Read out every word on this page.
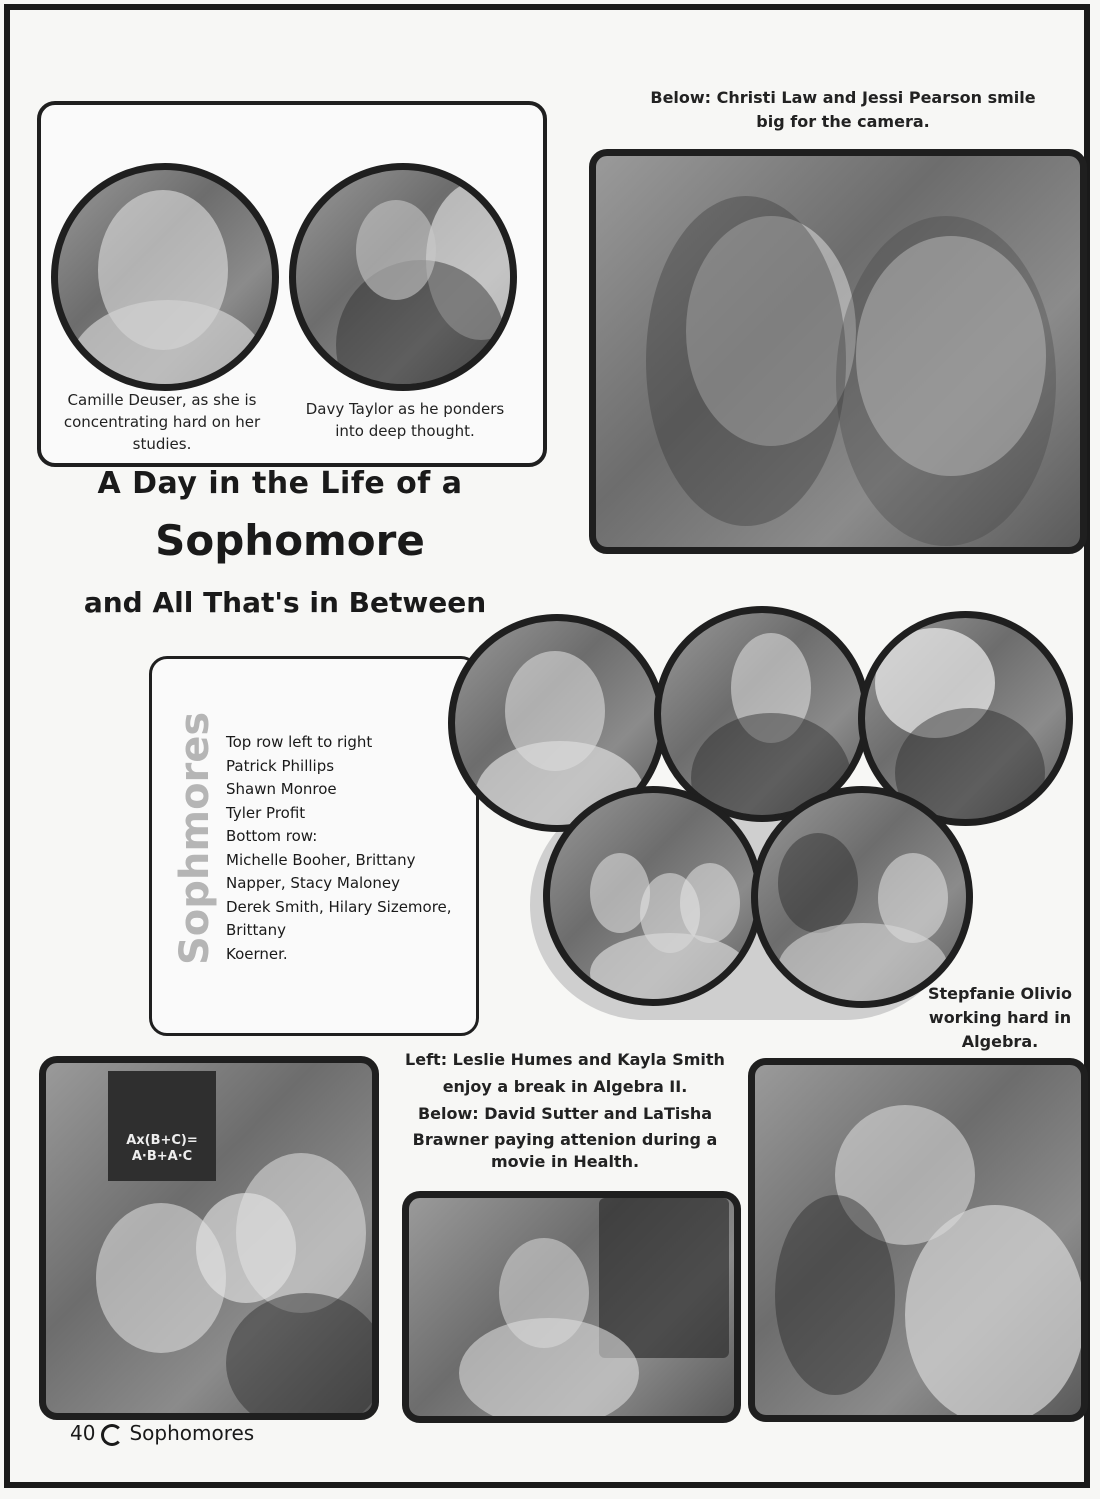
Camille Deuser, as she is concentrating hard on her studies.
Davy Taylor as he ponders into deep thought.
Below: Christi Law and Jessi Pearson smile big for the camera.
A Day in the Life of a
Sophomore
and All That's in Between
Sophmores Top row left to right
Patrick Phillips
Shawn Monroe
Tyler Profit
Bottom row:
Michelle Booher, Brittany
Napper, Stacy Maloney
Derek Smith, Hilary Sizemore,
Brittany
Koerner.
Stepfanie Olivio working hard in Algebra.
Left: Leslie Humes and Kayla Smith
enjoy a break in Algebra II.
Below: David Sutter and LaTisha
Brawner paying attenion during a
movie in Health.
Ax(B+C)= A·B+A·C
40 Sophomores
